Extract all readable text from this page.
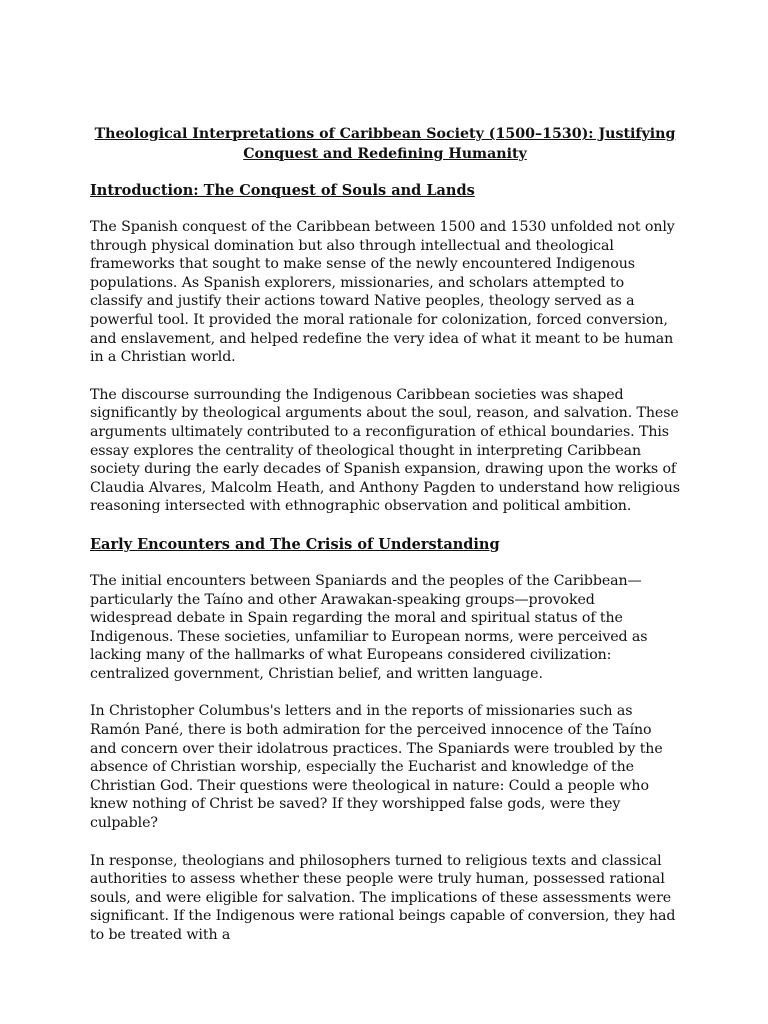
Theological Interpretations of Caribbean Society (1500–1530): Justifying
Conquest and Redefining Humanity

Introduction: The Conquest of Souls and Lands

The Spanish conquest of the Caribbean between 1500 and 1530 unfolded not only through physical domination but also through intellectual and theological frameworks that sought to make sense of the newly encountered Indigenous populations. As Spanish explorers, missionaries, and scholars attempted to classify and justify their actions toward Native peoples, theology served as a powerful tool. It provided the moral rationale for colonization, forced conversion, and enslavement, and helped redefine the very idea of what it meant to be human in a Christian world.

The discourse surrounding the Indigenous Caribbean societies was shaped significantly by theological arguments about the soul, reason, and salvation. These arguments ultimately contributed to a reconfiguration of ethical boundaries. This essay explores the centrality of theological thought in interpreting Caribbean society during the early decades of Spanish expansion, drawing upon the works of Claudia Alvares, Malcolm Heath, and Anthony Pagden to understand how religious reasoning intersected with ethnographic observation and political ambition.

Early Encounters and The Crisis of Understanding

The initial encounters between Spaniards and the peoples of the Caribbean—particularly the Taíno and other Arawakan-speaking groups—provoked widespread debate in Spain regarding the moral and spiritual status of the Indigenous. These societies, unfamiliar to European norms, were perceived as lacking many of the hallmarks of what Europeans considered civilization: centralized government, Christian belief, and written language.

In Christopher Columbus's letters and in the reports of missionaries such as Ramón Pané, there is both admiration for the perceived innocence of the Taíno and concern over their idolatrous practices. The Spaniards were troubled by the absence of Christian worship, especially the Eucharist and knowledge of the Christian God. Their questions were theological in nature: Could a people who knew nothing of Christ be saved? If they worshipped false gods, were they culpable?

In response, theologians and philosophers turned to religious texts and classical authorities to assess whether these people were truly human, possessed rational souls, and were eligible for salvation. The implications of these assessments were significant. If the Indigenous were rational beings capable of conversion, they had to be treated with a
